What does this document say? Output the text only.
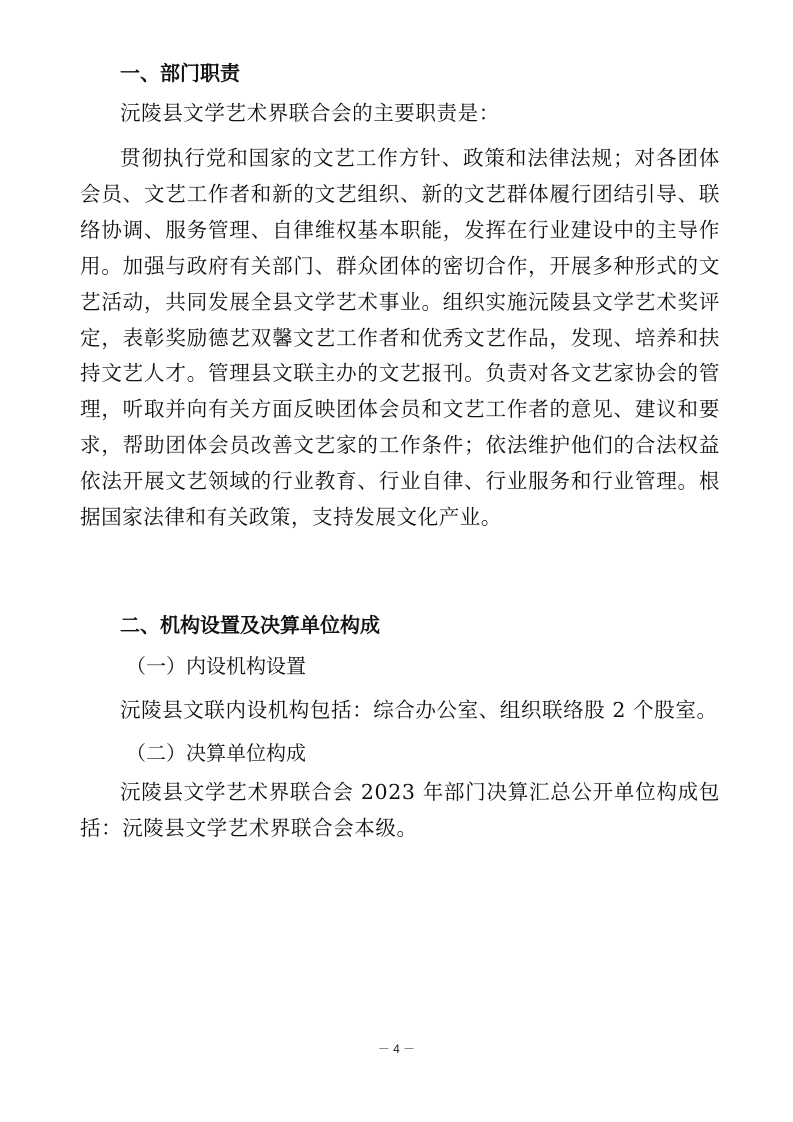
一、部门职责
沅陵县文学艺术界联合会的主要职责是：
贯彻执行党和国家的文艺工作方针、政策和法律法规；对各团体会员、文艺工作者和新的文艺组织、新的文艺群体履行团结引导、联络协调、服务管理、自律维权基本职能，发挥在行业建设中的主导作用。加强与政府有关部门、群众团体的密切合作，开展多种形式的文艺活动，共同发展全县文学艺术事业。组织实施沅陵县文学艺术奖评定，表彰奖励德艺双馨文艺工作者和优秀文艺作品，发现、培养和扶持文艺人才。管理县文联主办的文艺报刊。负责对各文艺家协会的管理，听取并向有关方面反映团体会员和文艺工作者的意见、建议和要求，帮助团体会员改善文艺家的工作条件；依法维护他们的合法权益依法开展文艺领域的行业教育、行业自律、行业服务和行业管理。根据国家法律和有关政策，支持发展文化产业。
二、机构设置及决算单位构成
（一）内设机构设置
沅陵县文联内设机构包括：综合办公室、组织联络股 2 个股室。
（二）决算单位构成
沅陵县文学艺术界联合会 2023 年部门决算汇总公开单位构成包括：沅陵县文学艺术界联合会本级。
－ 4 －
